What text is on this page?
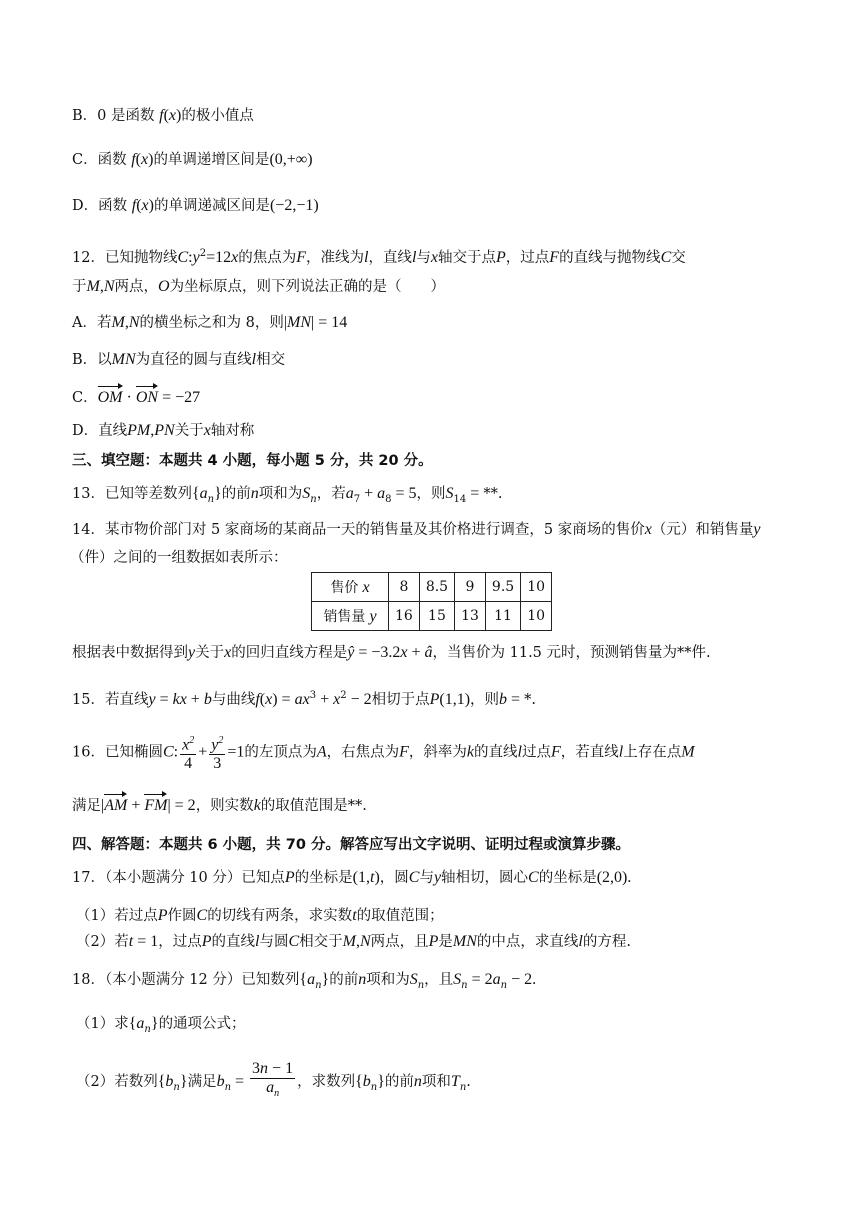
B．0 是函数 f(x)的极小值点
C．函数 f(x)的单调递增区间是(0,+∞)
D．函数 f(x)的单调递减区间是(−2,−1)
12．已知抛物线$C:y^2=12x$的焦点为F，准线为l，直线l与x轴交于点P，过点F的直线与抛物线C交
于M,N两点，O为坐标原点，则下列说法正确的是（　　）
A．若M,N的横坐标之和为 8，则|MN| = 14
B．以MN为直径的圆与直线l相交
C．OM · ON = −27
D．直线PM,PN关于x轴对称
三、填空题：本题共 4 小题，每小题 5 分，共 20 分。
13．已知等差数列$\{a_n\}$的前n项和为$S_n$，若$a_7 + a_8 = 5$，则$S_{14}$ = **.
14．某市物价部门对 5 家商场的某商品一天的销售量及其价格进行调查，5 家商场的售价x（元）和销售量y
（件）之间的一组数据如表所示：
售价 x	8	8.5	9	9.5	10
销售量 y	16	15	13	11	10
根据表中数据得到y关于x的回归直线方程是ŷ = −3.2x + â，当售价为 11.5 元时，预测销售量为**件.
15．若直线y = kx + b与曲线$f(x) = ax^3 + x^2 - 2$相切于点P(1,1)，则b = *.
16．已知椭圆C: $\frac{x^2}{4} + \frac{y^2}{3} =1$的左顶点为A，右焦点为F，斜率为k的直线l过点F，若直线l上存在点M
满足|AM + FM| = 2，则实数k的取值范围是**.
四、解答题：本题共 6 小题，共 70 分。解答应写出文字说明、证明过程或演算步骤。
17．（本小题满分 10 分）已知点P的坐标是(1,t)，圆C与y轴相切，圆心C的坐标是(2,0).
（1）若过点P作圆C的切线有两条，求实数t的取值范围；
（2）若t = 1，过点P的直线l与圆C相交于M,N两点，且P是MN的中点，求直线l的方程.
18．（本小题满分 12 分）已知数列$\{a_n\}$的前n项和为$S_n$，且$S_n = 2a_n - 2$.
（1）求$\{a_n\}$的通项公式；
（2）若数列$\{b_n\}$满足$b_n = \frac{3n - 1}{a_n}$ ，求数列$\{b_n\}$的前n项和$T_n$.
